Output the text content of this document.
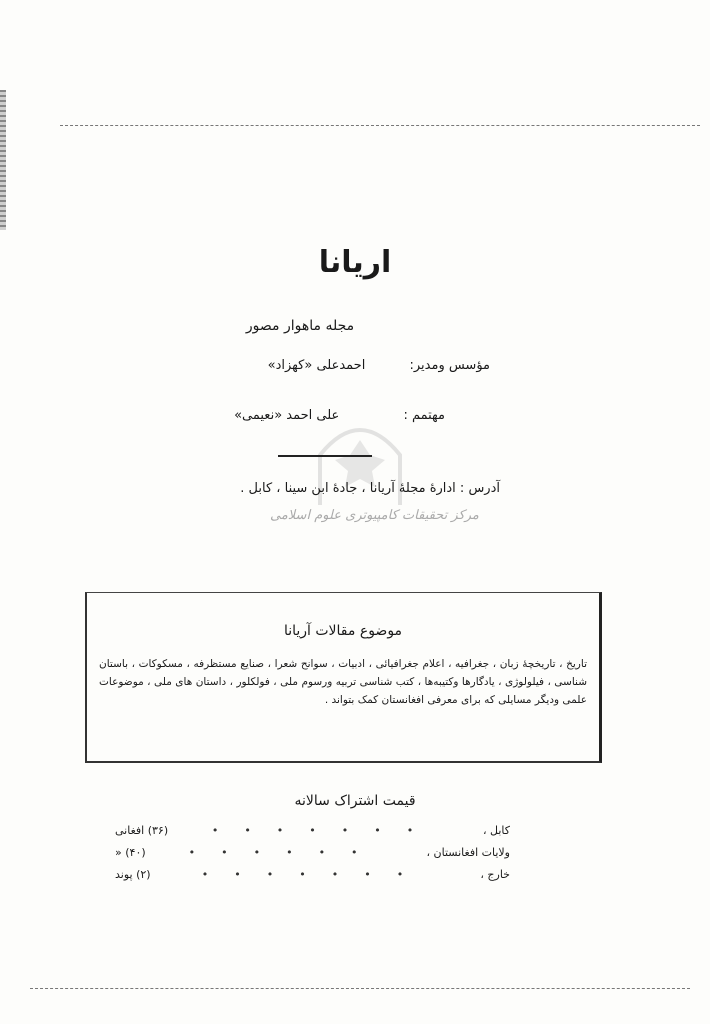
اریانا
مجله ماهوار مصور
مؤسس ومدیر: احمدعلی «کهزاد»
مهتمم : علی احمد «نعیمی»
آدرس : ادارهٔ مجلهٔ آریانا ، جادهٔ ابن سینا ، کابل .
مرکز تحقیقات کامپیوتری علوم اسلامی
موضوع مقالات آریانا
تاریخ ، تاریخچهٔ زبان ، جغرافیه ، اعلام جغرافیائی ، ادبیات ، سوانح شعرا ، صنایع مستظرفه ، مسکوکات ، باستان شناسی ، فیلولوژی ، یادگارها وکتیبه‌ها ، کتب شناسی تربیه ورسوم ملی ، فولکلور ، داستان های ملی ، موضوعات علمی ودیگر مسایلی که برای معرفی افغانستان کمک بتواند .
قیمت اشتراک سالانه
کابل ،
•••••••
(۳۶) افغانی
ولایات افغانستان ،
••••••
(۴۰) «
خارج ،
•••••••
(۲) پوند
